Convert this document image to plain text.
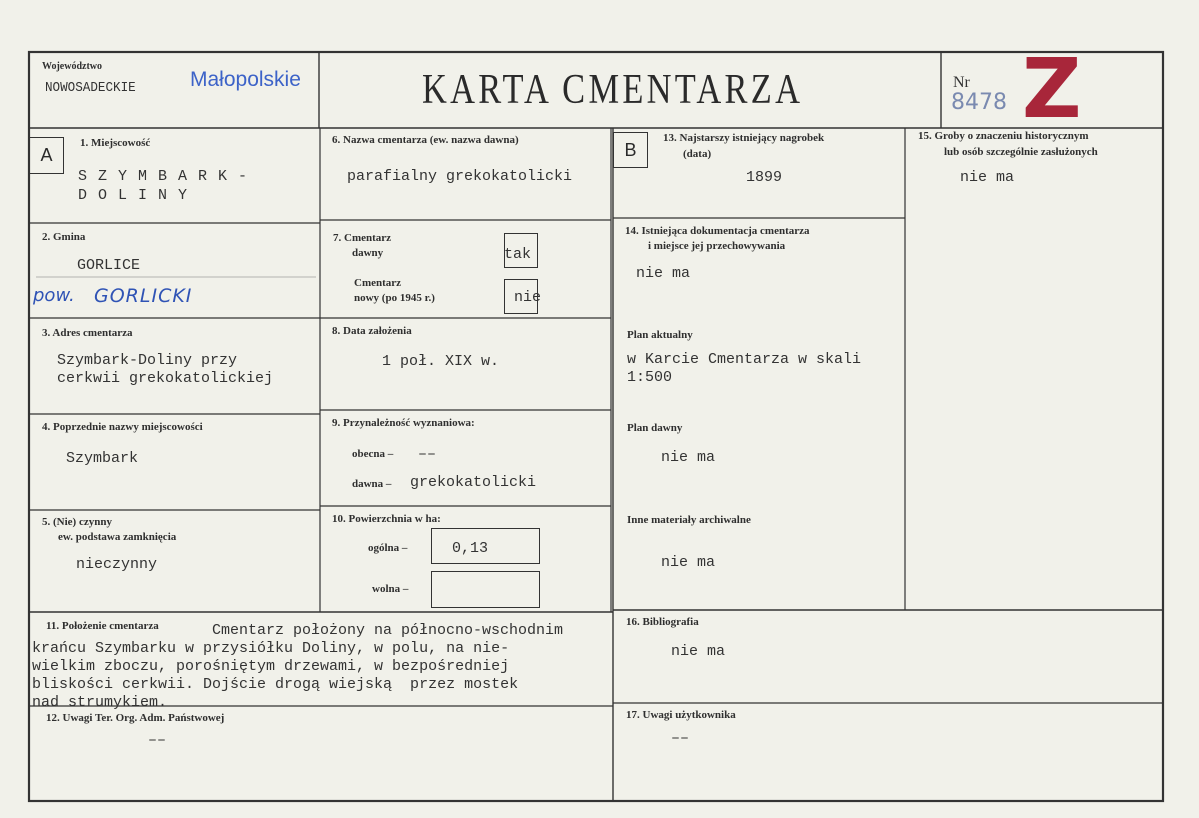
Województwo
NOWOSADECKIE	Małopolskie	KARTA CMENTARZA	Nr
8478 Z
A	B
1. Miejscowość
S Z Y M B A R K -
D O L I N Y
2. Gmina
GORLICE
pow. GORLICKI
3. Adres cmentarza
Szymbark-Doliny przy
cerkwii grekokatolickiej
4. Poprzednie nazwy miejscowości
Szymbark
5. (Nie) czynny
ew. podstawa zamknięcia
nieczynny
6. Nazwa cmentarza (ew. nazwa dawna)
parafialny grekokatolicki
7. Cmentarz
dawny	tak
Cmentarz
nowy (po 1945 r.)	nie
8. Data założenia
1 poł. XIX w.
9. Przynależność wyznaniowa:
obecna – ––
dawna – grekokatolicki
10. Powierzchnia w ha:
ogólna –	0,13
wolna –
11. Położenie cmentarza	Cmentarz położony na północno-wschodnim
krańcu Szymbarku w przysiółku Doliny, w polu, na nie-
wielkim zboczu, porośniętym drzewami, w bezpośredniej
bliskości cerkwii. Dojście drogą wiejską  przez mostek
nad strumykiem.
12. Uwagi Ter. Org. Adm. Państwowej
––
13. Najstarszy istniejący nagrobek
(data)
1899
14. Istniejąca dokumentacja cmentarza
i miejsce jej przechowywania
nie ma
Plan aktualny
w Karcie Cmentarza w skali
1:500
Plan dawny
nie ma
Inne materiały archiwalne
nie ma
15. Groby o znaczeniu historycznym
lub osób szczególnie zasłużonych
nie ma
16. Bibliografia
nie ma
17. Uwagi użytkownika
––
